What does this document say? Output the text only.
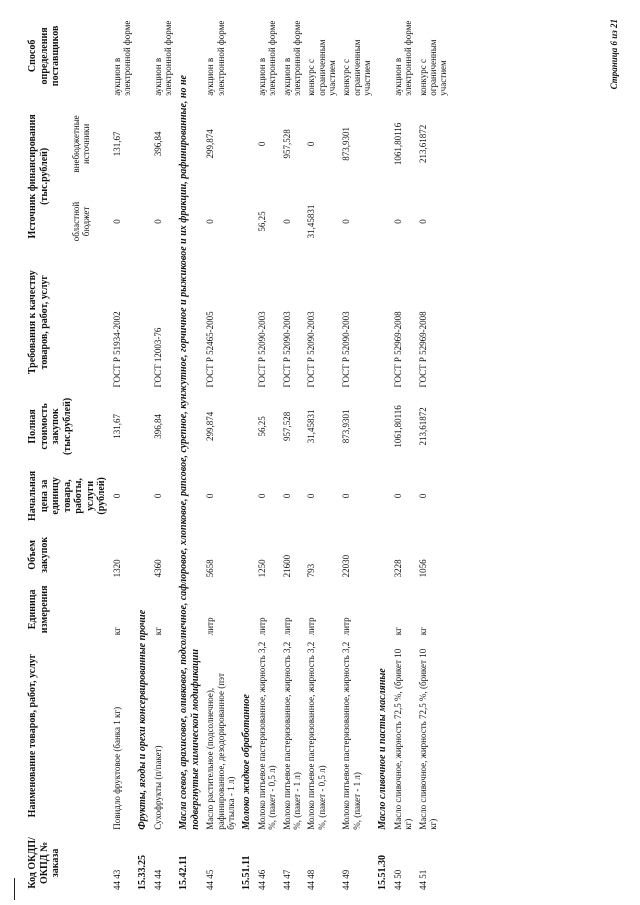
Код ОКДП/ ОКПД № заказа	Наименование товаров, работ, услуг	Единица измерения	Объем закупок	Начальная цена за единицу товара, работы, услуги (рублей)	Полная стоимость закупок (тыс.рублей)	Требования к качеству товаров, работ, услуг	Источник финансирования (тыс.рублей)		Способ определения поставщиков
							областной бюджет	внебюджетные источники	
44 43	Повидло фруктовое (банка 1 кг)	кг	1320	0	131,67	ГОСТ Р 51934-2002	0	131,67	аукцион в электронной форме
15.33.25	Фрукты, ягоды и орехи консервированные прочие								
44 44	Сухофрукты (п/пакет)	кг	4360	0	396,84	ГОСТ 12003-76	0	396,84	аукцион в электронной форме
15.42.11	Масла соевое, арахисовое, оливковое, подсолнечное, сафлоровое, хлопковое, рапсовое, сурепное, кунжутное, горчичное и рыжиковое и их фракции, рафинированные, но не подвергнутые химической модификации								
44 45	Масло растительное (подсолнечное), рафинированное, дезодорированное (пэт бутылка - 1 л)	литр	5658	0	299,874	ГОСТ Р 52465-2005	0	299,874	аукцион в электронной форме
15.51.11	Молоко жидкое обработанное								
44 46	Молоко питьевое пастеризованное, жирность 3,2 %, (пакет - 0,5 л)	литр	1250	0	56,25	ГОСТ Р 52090-2003	56,25	0	аукцион в электронной форме
44 47	Молоко питьевое пастеризованное, жирность 3,2 %, (пакет - 1 л)	литр	21600	0	957,528	ГОСТ Р 52090-2003	0	957,528	аукцион в электронной форме
44 48	Молоко питьевое пастеризованное, жирность 3,2 %, (пакет - 0,5 л)	литр	793	0	31,45831	ГОСТ Р 52090-2003	31,45831	0	конкурс с ограниченным участием
44 49	Молоко питьевое пастеризованное, жирность 3,2 %, (пакет - 1 л)	литр	22030	0	873,9301	ГОСТ Р 52090-2003	0	873,9301	конкурс с ограниченным участием
15.51.30	Масло сливочное и пасты масляные								
44 50	Масло сливочное, жирность 72,5 %, (брикет 10 кг)	кг	3228	0	1061,80116	ГОСТ Р 52969-2008	0	1061,80116	аукцион в электронной форме
44 51	Масло сливочное, жирность 72,5 %, (брикет 10 кг)	кг	1056	0	213,61872	ГОСТ Р 52969-2008	0	213,61872	конкурс с ограниченным участием	Страница 6 из 21
